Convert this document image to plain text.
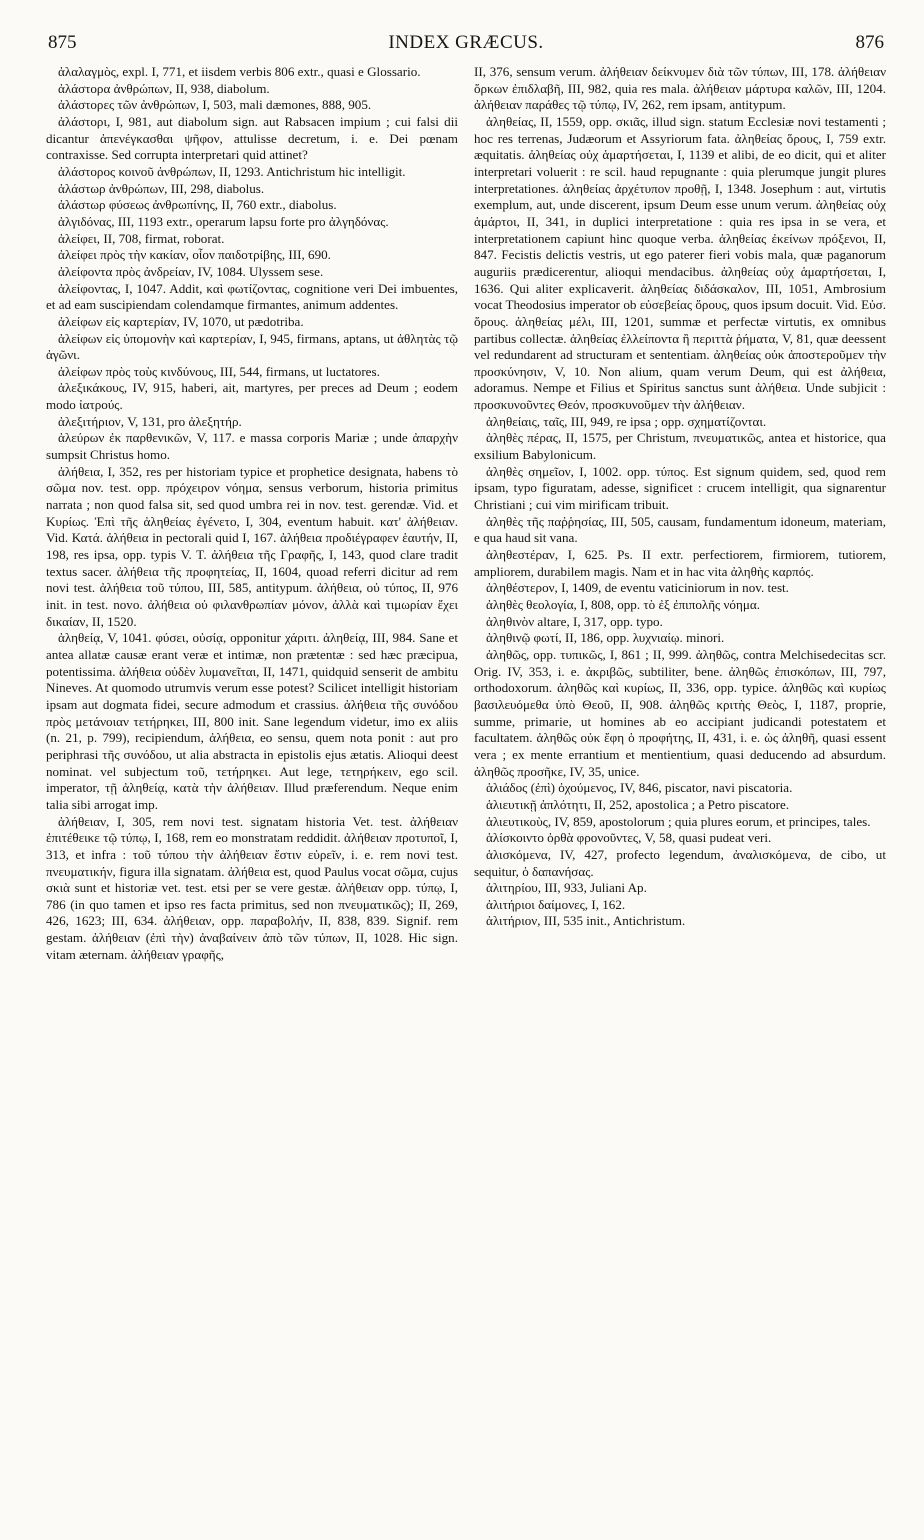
875	INDEX GRÆCUS.	876

ἀλαλαγμὸς, expl. I, 771, et iisdem verbis 806 extr., quasi e Glossario.

ἀλάστορα ἀνθρώπων, II, 938, diabolum.

ἀλάστορες τῶν ἀνθρώπων, I, 503, mali dæmones, 888, 905.

ἀλάστορι, I, 981, aut diabolum sign. aut Rabsacen impium ; cui falsi dii dicantur ἀπενέγκασθαι ψῆφον, attulisse decretum, i. e. Dei pœnam contraxisse. Sed corrupta interpretari quid attinet?

ἀλάστορος κοινοῦ ἀνθρώπων, II, 1293. Antichristum hic intelligit.

ἀλάστωρ ἀνθρώπων, III, 298, diabolus.

ἀλάστωρ φύσεως ἀνθρωπίνης, II, 760 extr., diabolus.

ἀλγιδόνας, III, 1193 extr., operarum lapsu forte pro ἀλγηδόνας.

ἀλείφει, II, 708, firmat, roborat.

ἀλείφει πρὸς τὴν κακίαν, οἷον παιδοτρίβης, III, 690.

ἀλείφοντα πρὸς ἀνδρείαν, IV, 1084. Ulyssem sese.

ἀλείφοντας, I, 1047. Addit, καὶ φωτίζοντας, cognitione veri Dei imbuentes, et ad eam suscipiendam colendamque firmantes, animum addentes.

ἀλείφων εἰς καρτερίαν, IV, 1070, ut pædotriba.

ἀλείφων εἰς ὑπομονὴν καὶ καρτερίαν, I, 945, firmans, aptans, ut ἀθλητὰς τῷ ἀγῶνι.

ἀλείφων πρὸς τοὺς κινδύνους, III, 544, firmans, ut luctatores.

ἀλεξικάκους, IV, 915, haberi, ait, martyres, per preces ad Deum ; eodem modo ἰατρούς.

ἀλεξιτήριον, V, 131, pro ἀλεξητήρ.

ἀλεύρων ἐκ παρθενικῶν, V, 117. e massa corporis Mariæ ; unde ἀπαρχὴν sumpsit Christus homo.

ἀλήθεια, I, 352, res per historiam typice et prophetice designata, habens τὸ σῶμα nov. test. opp. πρόχειρον νόημα, sensus verborum, historia primitus narrata ; non quod falsa sit, sed quod umbra rei in nov. test. gerendæ. Vid. et Κυρίως. Ἐπὶ τῆς ἀληθείας ἐγένετο, I, 304, eventum habuit. κατ' ἀλήθειαν. Vid. Κατά. ἀλήθεια in pectorali quid I, 167. ἀλήθεια προδιέγραφεν ἑαυτήν, II, 198, res ipsa, opp. typis V. T. ἀλήθεια τῆς Γραφῆς, I, 143, quod clare tradit textus sacer. ἀλήθεια τῆς προφητείας, II, 1604, quoad referri dicitur ad rem novi test. ἀλήθεια τοῦ τύπου, III, 585, antitypum. ἀλήθεια, οὐ τύπος, II, 976 init. in test. novo. ἀλήθεια οὐ φιλανθρωπίαν μόνον, ἀλλὰ καὶ τιμωρίαν ἔχει δικαίαν, II, 1520.

ἀληθείᾳ, V, 1041. φύσει, οὐσίᾳ, opponitur χάριτι. ἀληθείᾳ, III, 984. Sane et antea allatæ causæ erant veræ et intimæ, non prætentæ : sed hæc præcipua, potentissima. ἀλήθεια οὐδὲν λυμανεῖται, II, 1471, quidquid senserit de ambitu Nineves. At quomodo utrumvis verum esse potest? Scilicet intelligit historiam ipsam aut dogmata fidei, secure admodum et crassius. ἀλήθεια τῆς συνόδου πρὸς μετάνοιαν τετήρηκει, III, 800 init. Sane legendum videtur, imo ex aliis (n. 21, p. 799), recipiendum, ἀλήθεια, eo sensu, quem nota ponit : aut pro periphrasi τῆς συνόδου, ut alia abstracta in epistolis ejus ætatis. Alioqui deest nominat. vel subjectum τοῦ, τετήρηκει. Aut lege, τετηρήκειν, ego scil. imperator, τῇ ἀληθείᾳ, κατὰ τὴν ἀλήθειαν. Illud præferendum. Neque enim talia sibi arrogat imp.

ἀλήθειαν, I, 305, rem novi test. signatam historia Vet. test. ἀλήθειαν ἐπιτέθεικε τῷ τύπῳ, I, 168, rem eo monstratam reddidit. ἀλήθειαν προτυποῖ, I, 313, et infra : τοῦ τύπου τὴν ἀλήθειαν ἔστιν εὑρεῖν, i. e. rem novi test. πνευματικήν, figura illa signatam. ἀλήθεια est, quod Paulus vocat σῶμα, cujus σκιὰ sunt et historiæ vet. test. etsi per se vere gestæ. ἀλήθειαν opp. τύπῳ, I, 786 (in quo tamen et ipso res facta primitus, sed non πνευματικῶς); II, 269, 426, 1623; III, 634. ἀλήθειαν, opp. παραβολήν, II, 838, 839. Signif. rem gestam. ἀλήθειαν (ἐπὶ τὴν) ἀναβαίνειν ἀπὸ τῶν τύπων, II, 1028. Hic sign. vitam æternam. ἀλήθειαν γραφῆς,

II, 376, sensum verum. ἀλήθειαν δείκνυμεν διὰ τῶν τύπων, III, 178. ἀλήθειαν ὅρκων ἐπιδλαβῆ, III, 982, quia res mala. ἀλήθειαν μάρτυρα καλῶν, III, 1204. ἀλήθειαν παράθες τῷ τύπῳ, IV, 262, rem ipsam, antitypum.

ἀληθείας, II, 1559, opp. σκιᾶς, illud sign. statum Ecclesiæ novi testamenti ; hoc res terrenas, Judæorum et Assyriorum fata. ἀληθείας ὅρους, I, 759 extr. æquitatis. ἀληθείας οὐχ ἁμαρτήσεται, I, 1139 et alibi, de eo dicit, qui et aliter interpretari voluerit : re scil. haud repugnante : quia plerumque jungit plures interpretationes. ἀληθείας ἀρχέτυπον προθῇ, I, 1348. Josephum : aut, virtutis exemplum, aut, unde discerent, ipsum Deum esse unum verum. ἀληθείας οὐχ ἁμάρτοι, II, 341, in duplici interpretatione : quia res ipsa in se vera, et interpretationem capiunt hinc quoque verba. ἀληθείας ἐκείνων πρόξενοι, II, 847. Fecistis delictis vestris, ut ego paterer fieri vobis mala, quæ paganorum auguriis prædicerentur, alioqui mendacibus. ἀληθείας οὐχ ἁμαρτήσεται, I, 1636. Qui aliter explicaverit. ἀληθείας διδάσκαλον, III, 1051, Ambrosium vocat Theodosius imperator ob εὐσεβείας ὅρους, quos ipsum docuit. Vid. Εὐσ. ὅρους. ἀληθείας μέλι, III, 1201, summæ et perfectæ virtutis, ex omnibus partibus collectæ. ἀληθείας ἐλλείποντα ἢ περιττὰ ῥήματα, V, 81, quæ deessent vel redundarent ad structuram et sententiam. ἀληθείας οὐκ ἀποστεροῦμεν τὴν προσκύνησιν, V, 10. Non alium, quam verum Deum, qui est ἀλήθεια, adoramus. Nempe et Filius et Spiritus sanctus sunt ἀλήθεια. Unde subjicit : προσκυνοῦντες Θεόν, προσκυνοῦμεν τὴν ἀλήθειαν.

ἀληθείαις, ταῖς, III, 949, re ipsa ; opp. σχηματίζονται.

ἀληθὲς πέρας, II, 1575, per Christum, πνευματικῶς, antea et historice, qua exsilium Babylonicum.

ἀληθὲς σημεῖον, I, 1002. opp. τύπος. Est signum quidem, sed, quod rem ipsam, typo figuratam, adesse, significet : crucem intelligit, qua signarentur Christiani ; cui vim mirificam tribuit.

ἀληθὲς τῆς παῤῥησίας, III, 505, causam, fundamentum idoneum, materiam, e qua haud sit vana.

ἀληθεστέραν, I, 625. Ps. II extr. perfectiorem, firmiorem, tutiorem, ampliorem, durabilem magis. Nam et in hac vita ἀληθὴς καρπός.

ἀληθέστερον, I, 1409, de eventu vaticiniorum in nov. test.

ἀληθὲς θεολογία, I, 808, opp. τὸ ἐξ ἐπιπολῆς νόημα.

ἀληθινὸν altare, I, 317, opp. typo.

ἀληθινῷ φωτί, II, 186, opp. λυχνιαίῳ. minori.

ἀληθῶς, opp. τυπικῶς, I, 861 ; II, 999. ἀληθῶς, contra Melchisedecitas scr. Orig. IV, 353, i. e. ἀκριβῶς, subtiliter, bene. ἀληθῶς ἐπισκόπων, III, 797, orthodoxorum. ἀληθῶς καὶ κυρίως, II, 336, opp. typice. ἀληθῶς καὶ κυρίως βασιλευόμεθα ὑπὸ Θεοῦ, II, 908. ἀληθῶς κριτὴς Θεὸς, I, 1187, proprie, summe, primarie, ut homines ab eo accipiant judicandi potestatem et facultatem. ἀληθῶς οὐκ ἔφη ὁ προφήτης, II, 431, i. e. ὡς ἀληθῆ, quasi essent vera ; ex mente errantium et mentientium, quasi deducendo ad absurdum. ἀληθῶς προσῆκε, IV, 35, unice.

ἁλιάδος (ἐπὶ) ὀχούμενος, IV, 846, piscator, navi piscatoria.

ἁλιευτικῇ ἀπλότητι, II, 252, apostolica ; a Petro piscatore.

ἁλιευτικοὺς, IV, 859, apostolorum ; quia plures eorum, et principes, tales.

ἁλίσκοιντο ὀρθὰ φρονοῦντες, V, 58, quasi pudeat veri.

ἁλισκόμενα, IV, 427, profecto legendum, ἀναλισκόμενα, de cibo, ut sequitur, ὁ δαπανήσας.

ἀλιτηρίου, III, 933, Juliani Ap.

ἀλιτήριοι δαίμονες, I, 162.

ἀλιτήριον, III, 535 init., Antichristum.
